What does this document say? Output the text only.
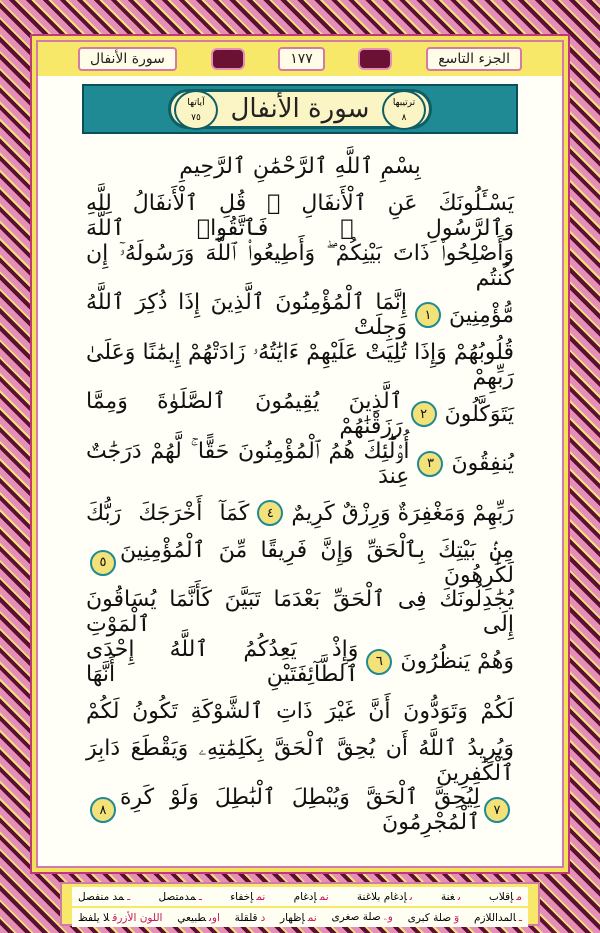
سورة الأنفال	١٧٧	الجزء التاسع
آياتها
٧٥	سورة الأنفال	ترتيبها
٨
بِسْمِ ٱللَّهِ ٱلرَّحْمَٰنِ ٱلرَّحِيمِ
يَسْـَٔلُونَكَ عَنِ ٱلْأَنفَالِ ۖ قُلِ ٱلْأَنفَالُ لِلَّهِ وَٱلرَّسُولِ ۖ فَٱتَّقُوا۟ ٱللَّهَ
وَأَصْلِحُوا۟ ذَاتَ بَيْنِكُمْ ۖ وَأَطِيعُوا۟ ٱللَّهَ وَرَسُولَهُۥٓ إِن كُنتُم
مُّؤْمِنِينَ
١
إِنَّمَا ٱلْمُؤْمِنُونَ ٱلَّذِينَ إِذَا ذُكِرَ ٱللَّهُ وَجِلَتْ
قُلُوبُهُمْ وَإِذَا تُلِيَتْ عَلَيْهِمْ ءَايَٰتُهُۥ زَادَتْهُمْ إِيمَٰنًا وَعَلَىٰ رَبِّهِمْ
يَتَوَكَّلُونَ
٢
ٱلَّذِينَ يُقِيمُونَ ٱلصَّلَوٰةَ وَمِمَّا رَزَقْنَٰهُمْ
يُنفِقُونَ
٣
أُو۟لَٰٓئِكَ هُمُ ٱلْمُؤْمِنُونَ حَقًّا ۚ لَّهُمْ دَرَجَٰتٌ عِندَ
رَبِّهِمْ وَمَغْفِرَةٌ وَرِزْقٌ كَرِيمٌ
٤
كَمَآ أَخْرَجَكَ رَبُّكَ
مِنۢ بَيْتِكَ بِٱلْحَقِّ وَإِنَّ فَرِيقًا مِّنَ ٱلْمُؤْمِنِينَ لَكَٰرِهُونَ
٥
يُجَٰدِلُونَكَ فِى ٱلْحَقِّ بَعْدَمَا تَبَيَّنَ كَأَنَّمَا يُسَاقُونَ إِلَى ٱلْمَوْتِ
وَهُمْ يَنظُرُونَ
٦
وَإِذْ يَعِدُكُمُ ٱللَّهُ إِحْدَى ٱلطَّآئِفَتَيْنِ أَنَّهَا
لَكُمْ وَتَوَدُّونَ أَنَّ غَيْرَ ذَاتِ ٱلشَّوْكَةِ تَكُونُ لَكُمْ
وَيُرِيدُ ٱللَّهُ أَن يُحِقَّ ٱلْحَقَّ بِكَلِمَٰتِهِۦ وَيَقْطَعَ دَابِرَ ٱلْكَٰفِرِينَ
٧
لِيُحِقَّ ٱلْحَقَّ وَيُبْطِلَ ٱلْبَٰطِلَ وَلَوْ كَرِهَ ٱلْمُجْرِمُونَ
٨
مإقلاب
ںغنة
ںإدغام بلاغنة
نمإدغام
نمإخفاء
ـمدمتصل
ـمد منفصل
ـالمداللازم
وٓصلة كبرى
وۦصلة صغرى
نمإظهار
دقلقلة
اوىطبيعي
اللون الأزرقلا يلفظ
